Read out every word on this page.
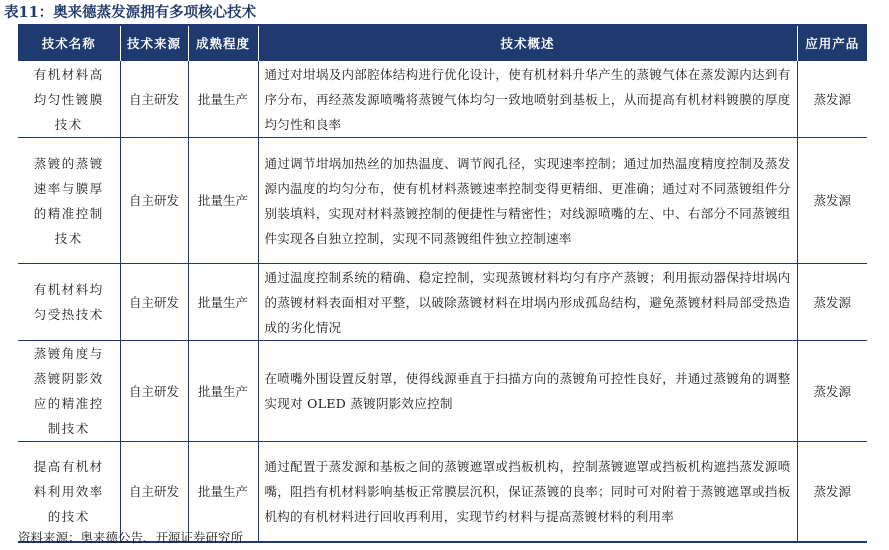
表11：奥来德蒸发源拥有多项核心技术
技术名称	技术来源	成熟程度	技术概述	应用产品
有机材料高均匀性镀膜技术	自主研发	批量生产	通过对坩埚及内部腔体结构进行优化设计，使有机材料升华产生的蒸镀气体在蒸发源内达到有序分布，再经蒸发源喷嘴将蒸镀气体均匀一致地喷射到基板上，从而提高有机材料镀膜的厚度均匀性和良率	蒸发源
蒸镀的蒸镀速率与膜厚的精准控制技术	自主研发	批量生产	通过调节坩埚加热丝的加热温度、调节阀孔径，实现速率控制；通过加热温度精度控制及蒸发源内温度的均匀分布，使有机材料蒸镀速率控制变得更精细、更准确；通过对不同蒸镀组件分别装填料，实现对材料蒸镀控制的便捷性与精密性；对线源喷嘴的左、中、右部分不同蒸镀组件实现各自独立控制，实现不同蒸镀组件独立控制速率	蒸发源
有机材料均匀受热技术	自主研发	批量生产	通过温度控制系统的精确、稳定控制，实现蒸镀材料均匀有序产蒸镀；利用振动器保持坩埚内的蒸镀材料表面相对平整，以破除蒸镀材料在坩埚内形成孤岛结构，避免蒸镀材料局部受热造成的劣化情况	蒸发源
蒸镀角度与蒸镀阴影效应的精准控制技术	自主研发	批量生产	在喷嘴外围设置反射罩，使得线源垂直于扫描方向的蒸镀角可控性良好，并通过蒸镀角的调整实现对 OLED 蒸镀阴影效应控制	蒸发源
提高有机材料利用效率的技术	自主研发	批量生产	通过配置于蒸发源和基板之间的蒸镀遮罩或挡板机构，控制蒸镀遮罩或挡板机构遮挡蒸发源喷嘴，阻挡有机材料影响基板正常膜层沉积，保证蒸镀的良率；同时可对附着于蒸镀遮罩或挡板机构的有机材料进行回收再利用，实现节约材料与提高蒸镀材料的利用率	蒸发源
资料来源：奥来德公告、开源证券研究所
